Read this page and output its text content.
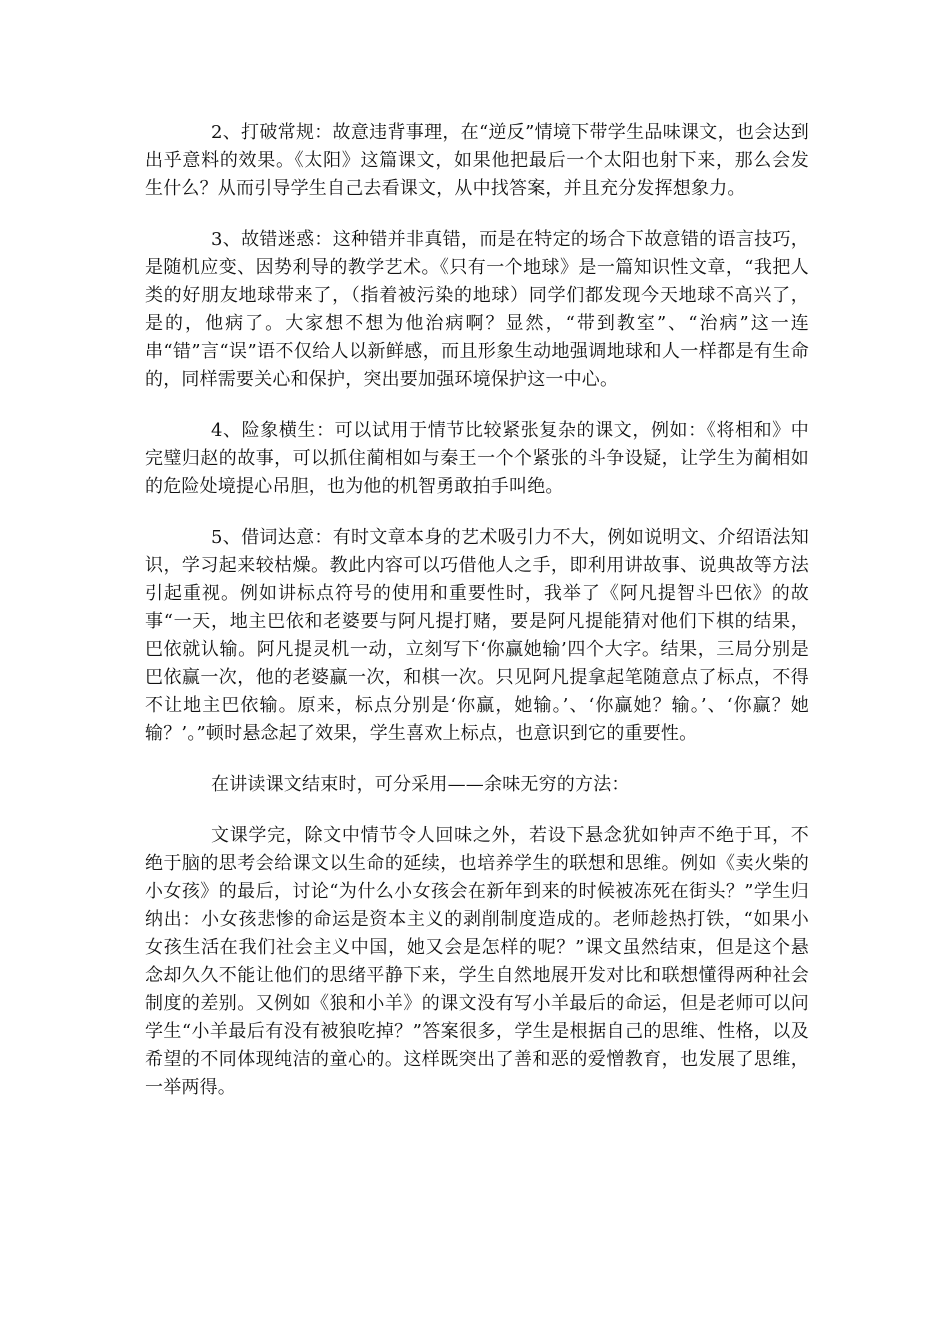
2、打破常规：故意违背事理，在“逆反”情境下带学生品味课文，也会达到出乎意料的效果。《太阳》这篇课文，如果他把最后一个太阳也射下来，那么会发生什么？从而引导学生自己去看课文，从中找答案，并且充分发挥想象力。

3、故错迷惑：这种错并非真错，而是在特定的场合下故意错的语言技巧，是随机应变、因势利导的教学艺术。《只有一个地球》是一篇知识性文章，“我把人类的好朋友地球带来了，（指着被污染的地球）同学们都发现今天地球不高兴了，是的，他病了。大家想不想为他治病啊？显然，“带到教室”、“治病”这一连串“错”言“误”语不仅给人以新鲜感，而且形象生动地强调地球和人一样都是有生命的，同样需要关心和保护，突出要加强环境保护这一中心。

4、险象横生：可以试用于情节比较紧张复杂的课文，例如：《将相和》中完璧归赵的故事，可以抓住蔺相如与秦王一个个紧张的斗争设疑，让学生为蔺相如的危险处境提心吊胆，也为他的机智勇敢拍手叫绝。

5、借词达意：有时文章本身的艺术吸引力不大，例如说明文、介绍语法知识，学习起来较枯燥。教此内容可以巧借他人之手，即利用讲故事、说典故等方法引起重视。例如讲标点符号的使用和重要性时，我举了《阿凡提智斗巴依》的故事“一天，地主巴依和老婆要与阿凡提打赌，要是阿凡提能猜对他们下棋的结果，巴依就认输。阿凡提灵机一动，立刻写下‘你赢她输’四个大字。结果，三局分别是巴依赢一次，他的老婆赢一次，和棋一次。只见阿凡提拿起笔随意点了标点，不得不让地主巴依输。原来，标点分别是‘你赢，她输。’、‘你赢她？输。’、‘你赢？她输？’。”顿时悬念起了效果，学生喜欢上标点，也意识到它的重要性。

在讲读课文结束时，可分采用——余味无穷的方法：

文课学完，除文中情节令人回味之外，若设下悬念犹如钟声不绝于耳，不绝于脑的思考会给课文以生命的延续，也培养学生的联想和思维。例如《卖火柴的小女孩》的最后，讨论“为什么小女孩会在新年到来的时候被冻死在街头？”学生归纳出：小女孩悲惨的命运是资本主义的剥削制度造成的。老师趁热打铁，“如果小女孩生活在我们社会主义中国，她又会是怎样的呢？”课文虽然结束，但是这个悬念却久久不能让他们的思绪平静下来，学生自然地展开发对比和联想懂得两种社会制度的差别。又例如《狼和小羊》的课文没有写小羊最后的命运，但是老师可以问学生“小羊最后有没有被狼吃掉？”答案很多，学生是根据自己的思维、性格，以及希望的不同体现纯洁的童心的。这样既突出了善和恶的爱憎教育，也发展了思维，一举两得。
